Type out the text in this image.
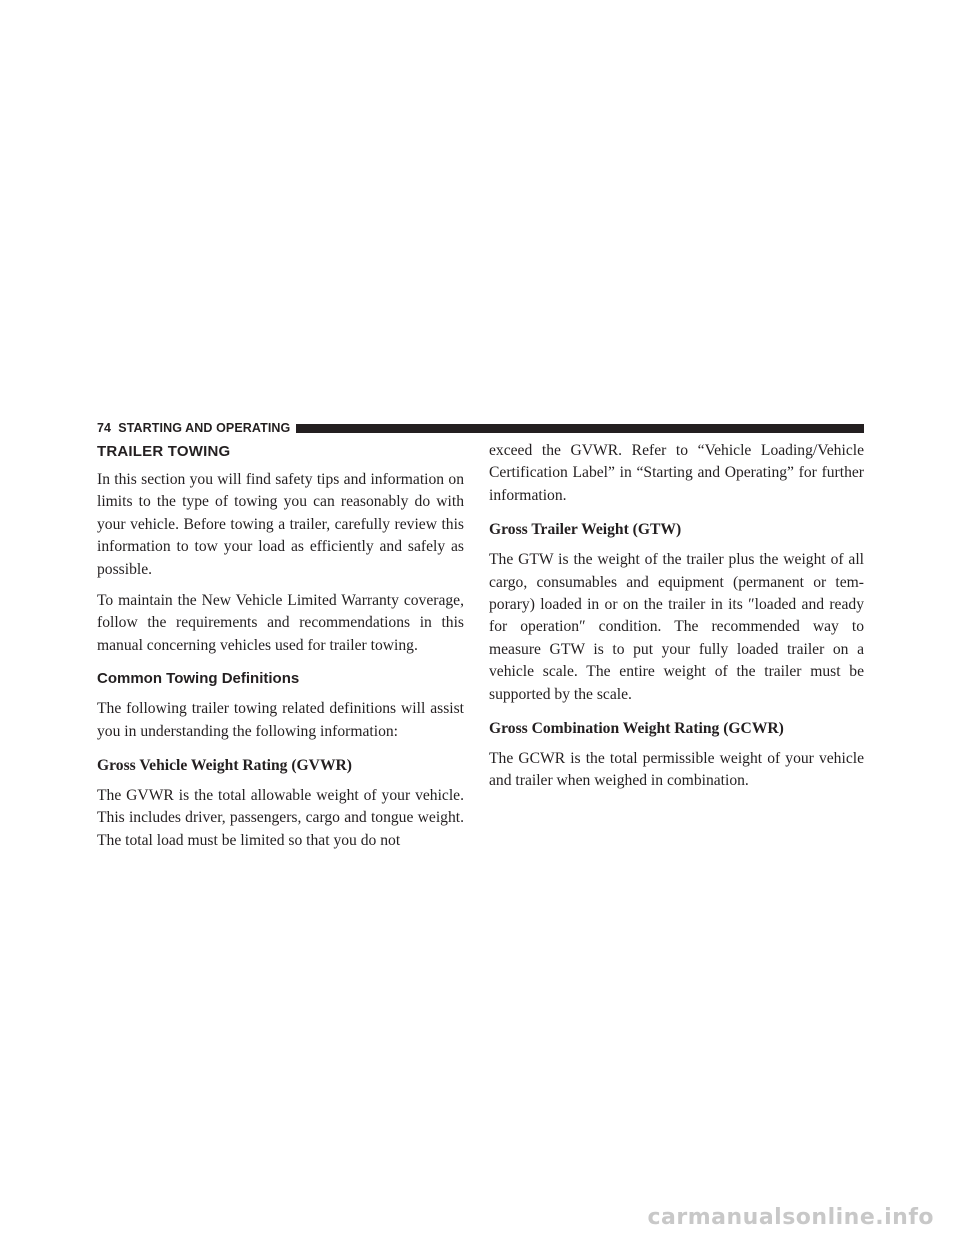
74 STARTING AND OPERATING
TRAILER TOWING

In this section you will find safety tips and information on limits to the type of towing you can reasonably do with your vehicle. Before towing a trailer, carefully review this information to tow your load as efficiently and safely as possible.

To maintain the New Vehicle Limited Warranty coverage, follow the requirements and recommendations in this manual concerning vehicles used for trailer towing.

Common Towing Definitions

The following trailer towing related definitions will assist you in understanding the following information:

Gross Vehicle Weight Rating (GVWR)

The GVWR is the total allowable weight of your vehicle. This includes driver, passengers, cargo and tongue weight. The total load must be limited so that you do not

exceed the GVWR. Refer to “Vehicle Loading/Vehicle Certification Label” in “Starting and Operating” for further information.

Gross Trailer Weight (GTW)

The GTW is the weight of the trailer plus the weight of all cargo, consumables and equipment (permanent or tem- porary) loaded in or on the trailer in its ″loaded and ready for operation″ condition. The recommended way to measure GTW is to put your fully loaded trailer on a vehicle scale. The entire weight of the trailer must be supported by the scale.

Gross Combination Weight Rating (GCWR)

The GCWR is the total permissible weight of your vehicle and trailer when weighed in combination.

carmanualsonline.info
